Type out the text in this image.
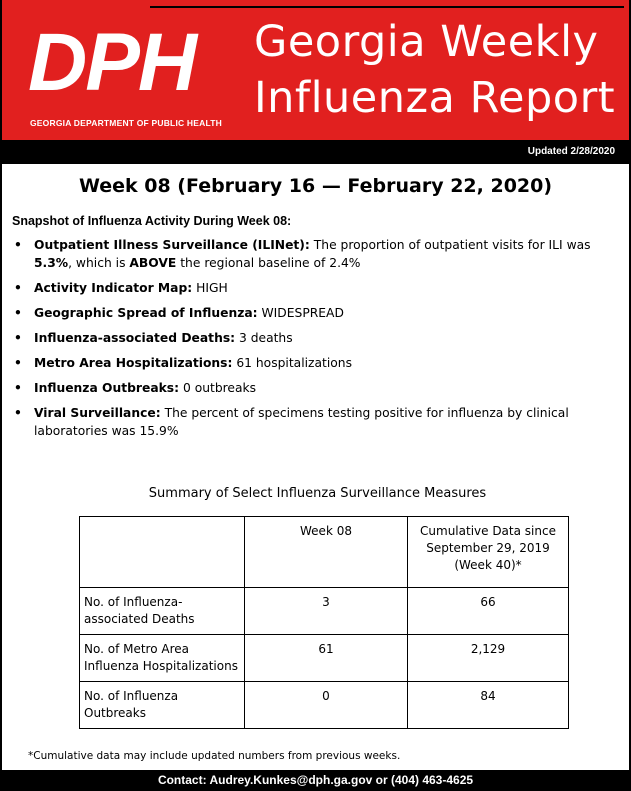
DPH
GEORGIA DEPARTMENT OF PUBLIC HEALTH
Georgia Weekly
Influenza Report
Updated 2/28/2020
Week 08 (February 16 — February 22, 2020)
Snapshot of Influenza Activity During Week 08:
• Outpatient Illness Surveillance (ILINet): The proportion of outpatient visits for ILI was 5.3%, which is ABOVE the regional baseline of 2.4%
• Activity Indicator Map: HIGH
• Geographic Spread of Influenza: WIDESPREAD
• Influenza-associated Deaths: 3 deaths
• Metro Area Hospitalizations: 61 hospitalizations
• Influenza Outbreaks: 0 outbreaks
• Viral Surveillance: The percent of specimens testing positive for influenza by clinical laboratories was 15.9%
Summary of Select Influenza Surveillance Measures
	Week 08	Cumulative Data since September 29, 2019 (Week 40)*
No. of Influenza-associated Deaths	3	66
No. of Metro Area Influenza Hospitalizations	61	2,129
No. of Influenza Outbreaks	0	84
*Cumulative data may include updated numbers from previous weeks.
Contact: Audrey.Kunkes@dph.ga.gov or (404) 463-4625
